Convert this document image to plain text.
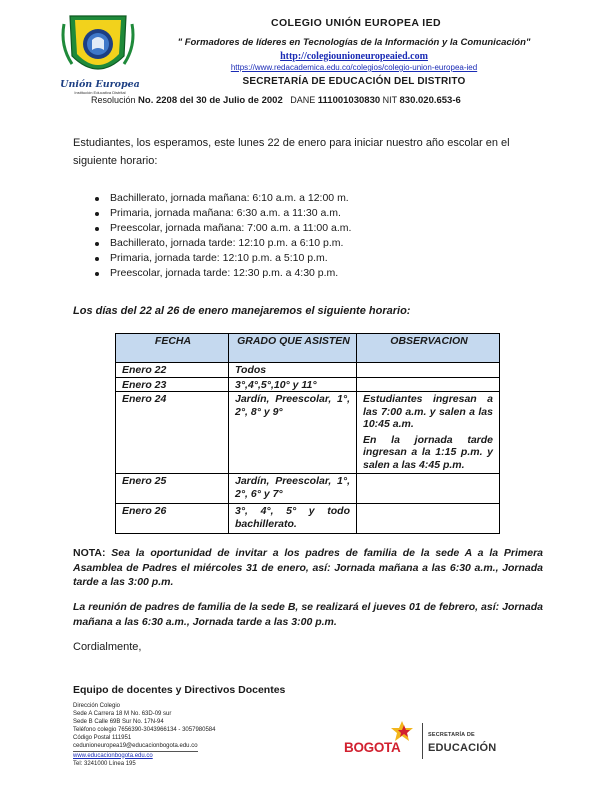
Unión Europea
Institución Educativa Distrital
COLEGIO UNIÓN EUROPEA IED
" Formadores de líderes en Tecnologías de la Información y la Comunicación"
http://colegiounioneuropeaied.com
https://www.redacademica.edu.co/colegios/colegio-union-europea-ied
SECRETARÍA DE EDUCACIÓN DEL DISTRITO
Resolución No. 2208 del 30 de Julio de 2002 DANE 111001030830 NIT 830.020.653-6

Estudiantes, los esperamos, este lunes 22 de enero para iniciar nuestro año escolar en el siguiente horario:

Bachillerato, jornada mañana: 6:10 a.m. a 12:00 m.
Primaria, jornada mañana: 6:30 a.m. a 11:30 a.m.
Preescolar, jornada mañana: 7:00 a.m. a 11:00 a.m.
Bachillerato, jornada tarde: 12:10 p.m. a 6:10 p.m.
Primaria, jornada tarde: 12:10 p.m. a 5:10 p.m.
Preescolar, jornada tarde: 12:30 p.m. a 4:30 p.m.
Los días del 22 al 26 de enero manejaremos el siguiente horario:
FECHA	GRADO QUE ASISTEN	OBSERVACION
Enero 22	Todos	
Enero 23	3°,4°,5°,10° y 11°	
Enero 24	Jardín, Preescolar, 1°, 2°, 8° y 9°	Estudiantes ingresan a las 7:00 a.m. y salen a las 10:45 a.m.
En la jornada tarde ingresan a la 1:15 p.m. y salen a las 4:45 p.m.

Enero 25	Jardín, Preescolar, 1°, 2°, 6° y 7°	
Enero 26	3°, 4°, 5° y todo bachillerato.	

NOTA: Sea la oportunidad de invitar a los padres de familia de la sede A a la Primera Asamblea de Padres el miércoles 31 de enero, así: Jornada mañana a las 6:30 a.m., Jornada tarde a las 3:00 p.m.

La reunión de padres de familia de la sede B, se realizará el jueves 01 de febrero, así: Jornada mañana a las 6:30 a.m., Jornada tarde a las 3:00 p.m.

Cordialmente,

Equipo de docentes y Directivos Docentes

Dirección Colegio
Sede A Carrera 18 M No. 63D-09 sur
Sede B Calle 69B Sur No. 17N-94
Teléfono colegio 7656390-3043966134 - 3057980584
Código Postal 111951
cedunioneuropea19@educacionbogota.edu.co
www.educacionbogota.edu.co
Tel: 3241000 Línea 195
BOGOTA
SECRETARÍA DE
EDUCACIÓN
